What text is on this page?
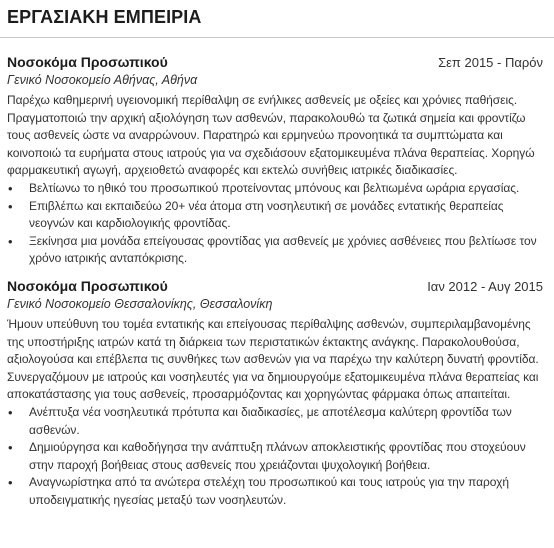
ΕΡΓΑΣΙΑΚΗ ΕΜΠΕΙΡΙΑ
Νοσοκόμα Προσωπικού	Σεπ 2015 - Παρόν
Γενικό Νοσοκομείο Αθήνας, Αθήνα

Παρέχω καθημερινή υγειονομική περίθαλψη σε ενήλικες ασθενείς με οξείες και χρόνιες παθήσεις. Πραγματοποιώ την αρχική αξιολόγηση των ασθενών, παρακολουθώ τα ζωτικά σημεία και φροντίζω τους ασθενείς ώστε να αναρρώνουν. Παρατηρώ και ερμηνεύω προνοητικά τα συμπτώματα και κοινοποιώ τα ευρήματα στους ιατρούς για να σχεδιάσουν εξατομικευμένα πλάνα θεραπείας. Χορηγώ φαρμακευτική αγωγή, αρχειοθετώ αναφορές και εκτελώ συνήθεις ιατρικές διαδικασίες.

• Βελτίωνω το ηθικό του προσωπικού προτείνοντας μπόνους και βελτιωμένα ωράρια εργασίας.
• Επιβλέπω και εκπαιδεύω 20+ νέα άτομα στη νοσηλευτική σε μονάδες εντατικής θεραπείας νεογνών και καρδιολογικής φροντίδας.
• Ξεκίνησα μια μονάδα επείγουσας φροντίδας για ασθενείς με χρόνιες ασθένειες που βελτίωσε τον χρόνο ιατρικής ανταπόκρισης.
Νοσοκόμα Προσωπικού	Ιαν 2012 - Αυγ 2015
Γενικό Νοσοκομείο Θεσσαλονίκης, Θεσσαλονίκη

Ήμουν υπεύθυνη του τομέα εντατικής και επείγουσας περίθαλψης ασθενών, συμπεριλαμβανομένης της υποστήριξης ιατρών κατά τη διάρκεια των περιστατικών έκτακτης ανάγκης. Παρακολουθούσα, αξιολογούσα και επέβλεπα τις συνθήκες των ασθενών για να παρέχω την καλύτερη δυνατή φροντίδα. Συνεργαζόμουν με ιατρούς και νοσηλευτές για να δημιουργούμε εξατομικευμένα πλάνα θεραπείας και αποκατάστασης για τους ασθενείς, προσαρμόζοντας και χορηγώντας φάρμακα όπως απαιτείται.

• Ανέπτυξα νέα νοσηλευτικά πρότυπα και διαδικασίες, με αποτέλεσμα καλύτερη φροντίδα των ασθενών.
• Δημιούργησα και καθοδήγησα την ανάπτυξη πλάνων αποκλειστικής φροντίδας που στοχεύουν στην παροχή βοήθειας στους ασθενείς που χρειάζονται ψυχολογική βοήθεια.
• Αναγνωρίστηκα από τα ανώτερα στελέχη του προσωπικού και τους ιατρούς για την παροχή υποδειγματικής ηγεσίας μεταξύ των νοσηλευτών.
